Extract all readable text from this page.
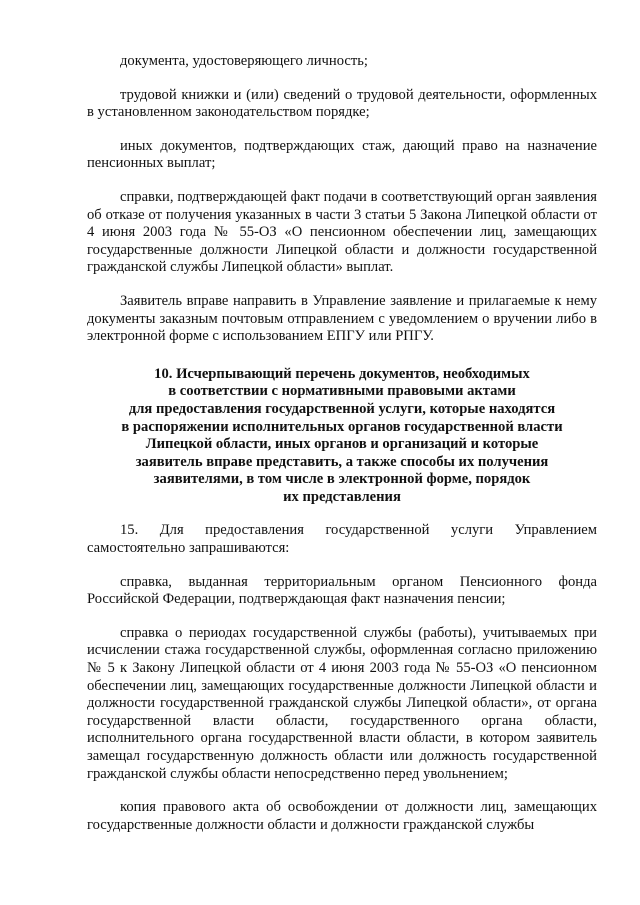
документа, удостоверяющего личность;

трудовой книжки и (или) сведений о трудовой деятельности, оформленных в установленном законодательством порядке;

иных документов, подтверждающих стаж, дающий право на назначение пенсионных выплат;

справки, подтверждающей факт подачи в соответствующий орган заявления об отказе от получения указанных в части 3 статьи 5 Закона Липецкой области от 4 июня 2003 года № 55-ОЗ «О пенсионном обеспечении лиц, замещающих государственные должности Липецкой области и должности государственной гражданской службы Липецкой области» выплат.

Заявитель вправе направить в Управление заявление и прилагаемые к нему документы заказным почтовым отправлением с уведомлением о вручении либо в электронной форме с использованием ЕПГУ или РПГУ.

10. Исчерпывающий перечень документов, необходимых
в соответствии с нормативными правовыми актами
для предоставления государственной услуги, которые находятся
в распоряжении исполнительных органов государственной власти
Липецкой области, иных органов и организаций и которые
заявитель вправе представить, а также способы их получения
заявителями, в том числе в электронной форме, порядок
их представления

15. Для предоставления государственной услуги Управлением самостоятельно запрашиваются:

справка, выданная территориальным органом Пенсионного фонда Российской Федерации, подтверждающая факт назначения пенсии;

справка о периодах государственной службы (работы), учитываемых при исчислении стажа государственной службы, оформленная согласно приложению № 5 к Закону Липецкой области от 4 июня 2003 года № 55-ОЗ «О пенсионном обеспечении лиц, замещающих государственные должности Липецкой области и должности государственной гражданской службы Липецкой области», от органа государственной власти области, государственного органа области, исполнительного органа государственной власти области, в котором заявитель замещал государственную должность области или должность государственной гражданской службы области непосредственно перед увольнением;

копия правового акта об освобождении от должности лиц, замещающих государственные должности области и должности гражданской службы
